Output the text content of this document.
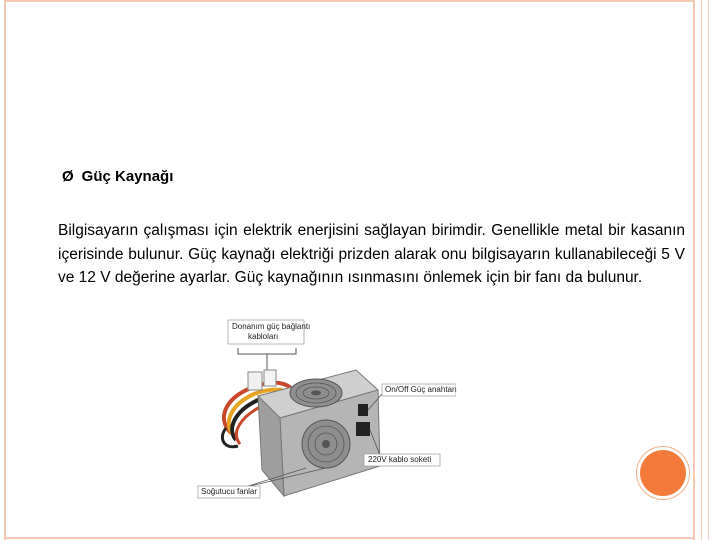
Ø Güç Kaynağı
Bilgisayarın çalışması için elektrik enerjisini sağlayan birimdir. Genellikle metal bir kasanın içerisinde bulunur. Güç kaynağı elektriği prizden alarak onu bilgisayarın kullanabileceği 5 V ve 12 V değerine ayarlar. Güç kaynağının ısınmasını önlemek için bir fanı da bulunur.
Donanım güç bağlantı
kabloları
On/Off Güç anahtarı
220V kablo soketi
Soğutucu fanlar
